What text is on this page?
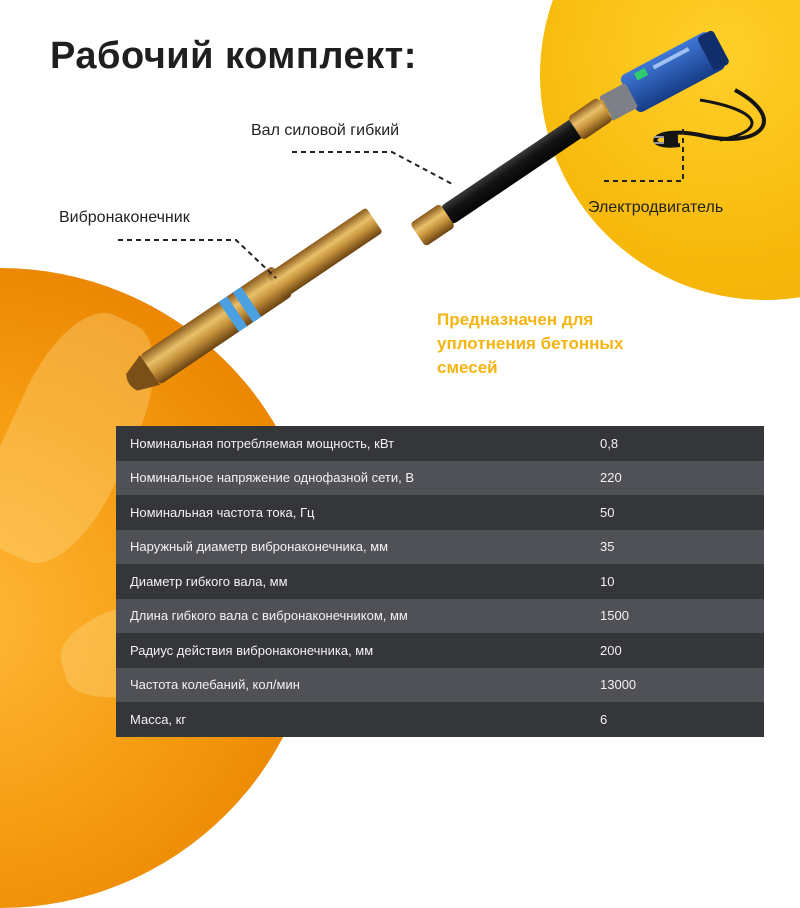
Рабочий комплект:
Вал силовой гибкий
Вибронаконечник
Электродвигатель
Предназначен для
уплотнения бетонных
смесей
Номинальная потребляемая мощность, кВт	0,8
Номинальное напряжение однофазной сети, В	220
Номинальная частота тока, Гц	50
Наружный диаметр вибронаконечника, мм	35
Диаметр гибкого вала, мм	10
Длина гибкого вала с вибронаконечником, мм	1500
Радиус действия вибронаконечника, мм	200
Частота колебаний, кол/мин	13000
Масса, кг	6
